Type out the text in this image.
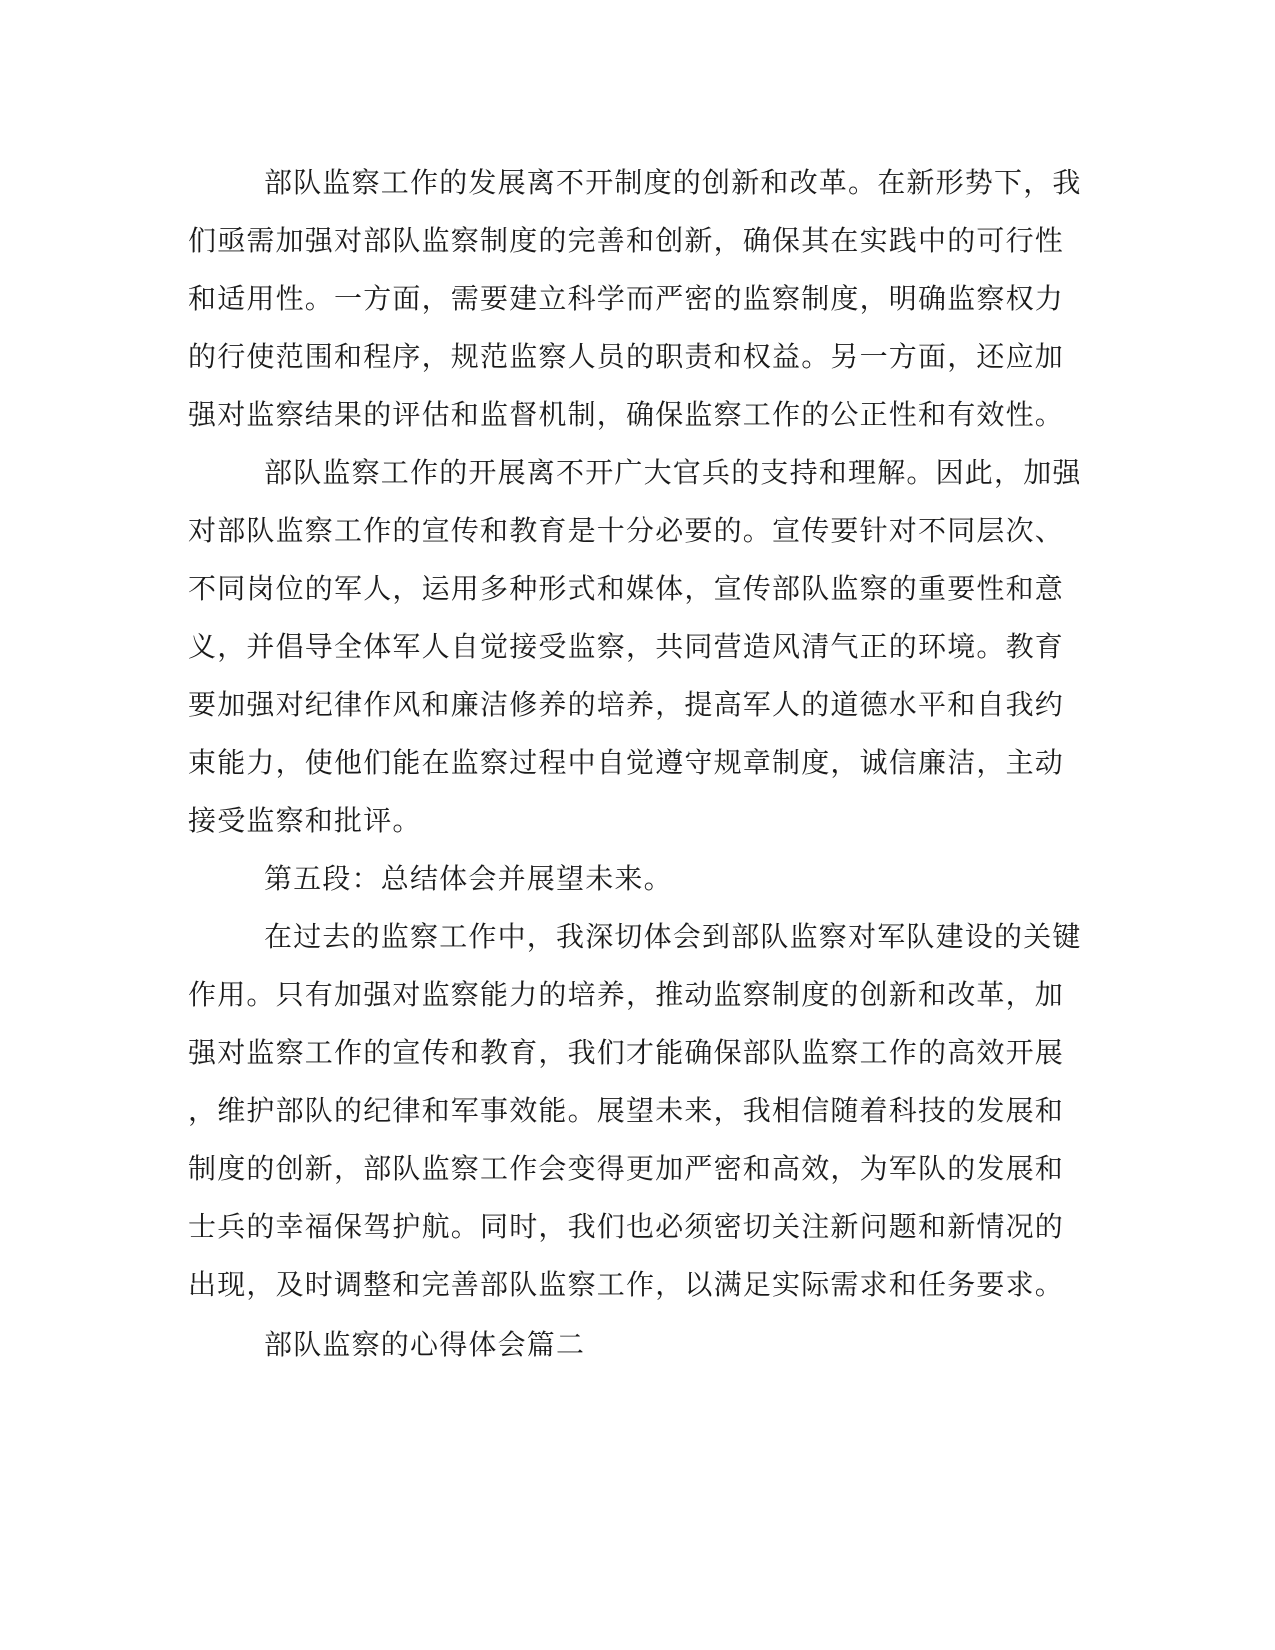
部队监察工作的发展离不开制度的创新和改革。在新形势下，我
们亟需加强对部队监察制度的完善和创新，确保其在实践中的可行性
和适用性。一方面，需要建立科学而严密的监察制度，明确监察权力
的行使范围和程序，规范监察人员的职责和权益。另一方面，还应加
强对监察结果的评估和监督机制，确保监察工作的公正性和有效性。
部队监察工作的开展离不开广大官兵的支持和理解。因此，加强
对部队监察工作的宣传和教育是十分必要的。宣传要针对不同层次、
不同岗位的军人，运用多种形式和媒体，宣传部队监察的重要性和意
义，并倡导全体军人自觉接受监察，共同营造风清气正的环境。教育
要加强对纪律作风和廉洁修养的培养，提高军人的道德水平和自我约
束能力，使他们能在监察过程中自觉遵守规章制度，诚信廉洁，主动
接受监察和批评。
第五段：总结体会并展望未来。
在过去的监察工作中，我深切体会到部队监察对军队建设的关键
作用。只有加强对监察能力的培养，推动监察制度的创新和改革，加
强对监察工作的宣传和教育，我们才能确保部队监察工作的高效开展
，维护部队的纪律和军事效能。展望未来，我相信随着科技的发展和
制度的创新，部队监察工作会变得更加严密和高效，为军队的发展和
士兵的幸福保驾护航。同时，我们也必须密切关注新问题和新情况的
出现，及时调整和完善部队监察工作，以满足实际需求和任务要求。
部队监察的心得体会篇二
